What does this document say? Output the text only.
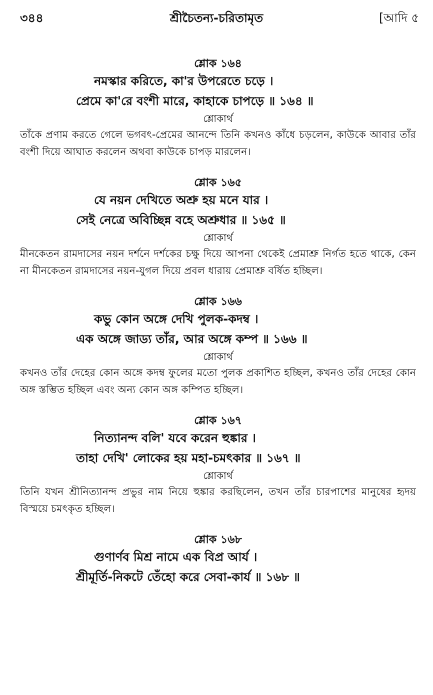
৩৪৪	শ্রীচৈতন্য-চরিতামৃত	[আদি ৫

শ্লোক ১৬৪

নমস্কার করিতে, কা'র উপরেতে চড়ে ।

প্রেমে কা'রে বংশী মারে, কাহাকে চাপড়ে ॥ ১৬৪ ॥

শ্লোকার্থ

তাঁকে প্রণাম করতে গেলে ভগবৎ-প্রেমের আনন্দে তিনি কখনও কাঁধে চড়লেন, কাউকে আবার তাঁর বংশী দিয়ে আঘাত করলেন অথবা কাউকে চাপড় মারলেন।

শ্লোক ১৬৫

যে নয়ন দেখিতে অশ্রু হয় মনে যার ।

সেই নেত্রে অবিচ্ছিন্ন বহে অশ্রুধার ॥ ১৬৫ ॥

শ্লোকার্থ

মীনকেতন রামদাসের নয়ন দর্শনে দর্শকের চক্ষু দিয়ে আপনা থেকেই প্রেমাশ্রু নির্গত হতে থাকে, কেন না মীনকেতন রামদাসের নয়ন-যুগল দিয়ে প্রবল ধারায় প্রেমাশ্রু বর্ষিত হচ্ছিল।

শ্লোক ১৬৬

কভু কোন অঙ্গে দেখি পুলক-কদম্ব ।

এক অঙ্গে জাড্য তাঁর, আর অঙ্গে কম্প ॥ ১৬৬ ॥

শ্লোকার্থ

কখনও তাঁর দেহের কোন অঙ্গে কদম্ব ফুলের মতো পুলক প্রকাশিত হচ্ছিল, কখনও তাঁর দেহের কোন অঙ্গ স্তম্ভিত হচ্ছিল এবং অন্য কোন অঙ্গ কম্পিত হচ্ছিল।

শ্লোক ১৬৭

নিত্যানন্দ বলি' যবে করেন হুঙ্কার ।

তাহা দেখি' লোকের হয় মহা-চমৎকার ॥ ১৬৭ ॥

শ্লোকার্থ

তিনি যখন শ্রীনিত্যানন্দ প্রভুর নাম নিয়ে হুঙ্কার করছিলেন, তখন তাঁর চারপাশের মানুষের হৃদয় বিস্ময়ে চমৎকৃত হচ্ছিল।

শ্লোক ১৬৮

গুণার্ণব মিশ্র নামে এক বিপ্র আর্য ।

শ্রীমূর্তি-নিকটে তেঁহো করে সেবা-কার্য ॥ ১৬৮ ॥
